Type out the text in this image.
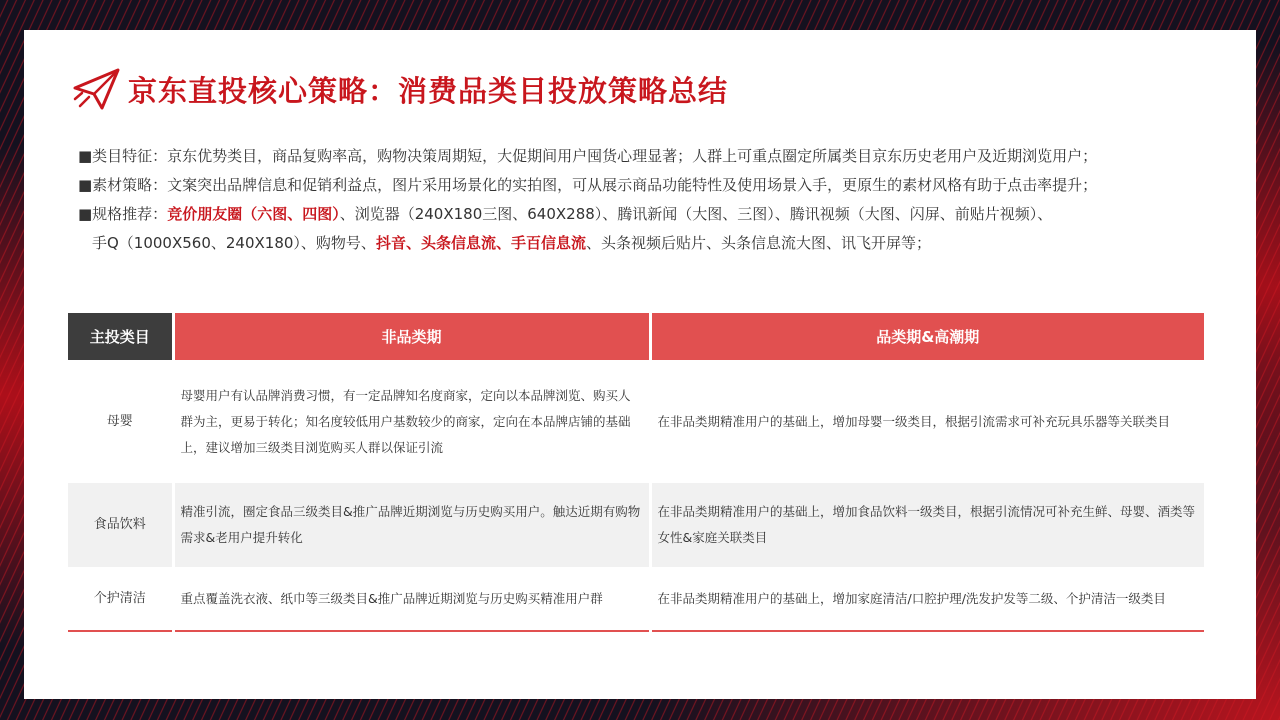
京东直投核心策略：消费品类目投放策略总结
■类目特征：京东优势类目，商品复购率高，购物决策周期短，大促期间用户囤货心理显著；人群上可重点圈定所属类目京东历史老用户及近期浏览用户；
■素材策略：文案突出品牌信息和促销利益点，图片采用场景化的实拍图，可从展示商品功能特性及使用场景入手，更原生的素材风格有助于点击率提升；
■规格推荐：竞价朋友圈（六图、四图）、浏览器（240X180三图、640X288）、腾讯新闻（大图、三图）、腾讯视频（大图、闪屏、前贴片视频）、
手Q（1000X560、240X180）、购物号、抖音、头条信息流、手百信息流、头条视频后贴片、头条信息流大图、讯飞开屏等；
主投类目	非品类期	品类期&高潮期
母婴	母婴用户有认品牌消费习惯，有一定品牌知名度商家，定向以本品牌浏览、购买人群为主，更易于转化；知名度较低用户基数较少的商家，定向在本品牌店铺的基础上，建议增加三级类目浏览购买人群以保证引流	在非品类期精准用户的基础上，增加母婴一级类目，根据引流需求可补充玩具乐器等关联类目
食品饮料	精准引流，圈定食品三级类目&推广品牌近期浏览与历史购买用户。触达近期有购物需求&老用户提升转化	在非品类期精准用户的基础上，增加食品饮料一级类目，根据引流情况可补充生鲜、母婴、酒类等女性&家庭关联类目
个护清洁	重点覆盖洗衣液、纸巾等三级类目&推广品牌近期浏览与历史购买精准用户群	在非品类期精准用户的基础上，增加家庭清洁/口腔护理/洗发护发等二级、个护清洁一级类目
